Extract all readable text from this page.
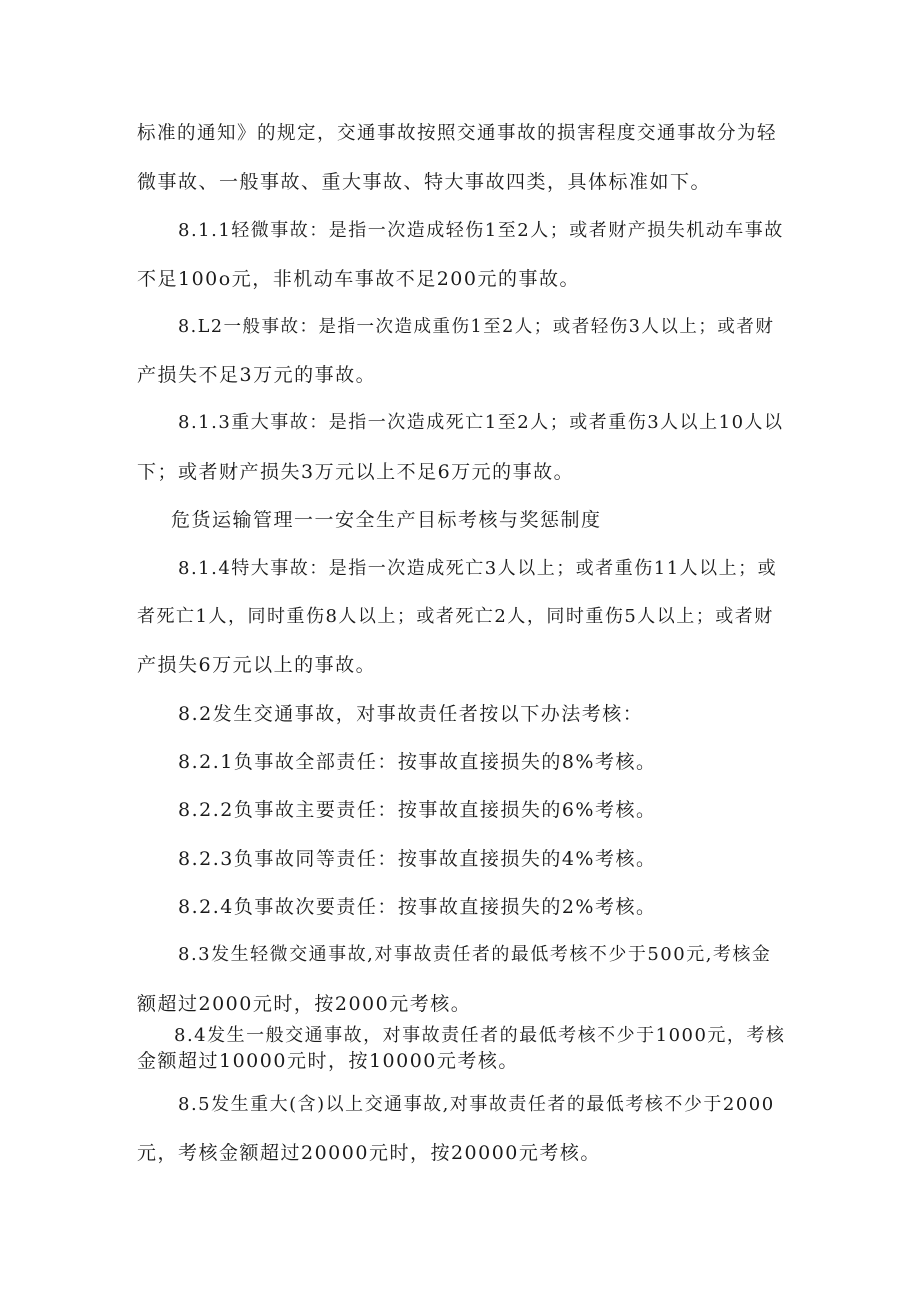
标准的通知》的规定，交通事故按照交通事故的损害程度交通事故分为轻
微事故、一般事故、重大事故、特大事故四类，具体标准如下。
8.1.1轻微事故：是指一次造成轻伤1至2人；或者财产损失机动车事故
不足100o元，非机动车事故不足200元的事故。
8.L2一般事故：是指一次造成重伤1至2人；或者轻伤3人以上；或者财
产损失不足3万元的事故。
8.1.3重大事故：是指一次造成死亡1至2人；或者重伤3人以上10人以
下；或者财产损失3万元以上不足6万元的事故。
危货运输管理一一安全生产目标考核与奖惩制度
8.1.4特大事故：是指一次造成死亡3人以上；或者重伤11人以上；或
者死亡1人，同时重伤8人以上；或者死亡2人，同时重伤5人以上；或者财
产损失6万元以上的事故。
8.2发生交通事故，对事故责任者按以下办法考核：
8.2.1负事故全部责任：按事故直接损失的8%考核。
8.2.2负事故主要责任：按事故直接损失的6%考核。
8.2.3负事故同等责任：按事故直接损失的4%考核。
8.2.4负事故次要责任：按事故直接损失的2%考核。
8.3发生轻微交通事故,对事故责任者的最低考核不少于500元,考核金
额超过2000元时，按2000元考核。
8.4发生一般交通事故，对事故责任者的最低考核不少于1000元，考核
金额超过10000元时，按10000元考核。
8.5发生重大(含)以上交通事故,对事故责任者的最低考核不少于2000
元，考核金额超过20000元时，按20000元考核。
